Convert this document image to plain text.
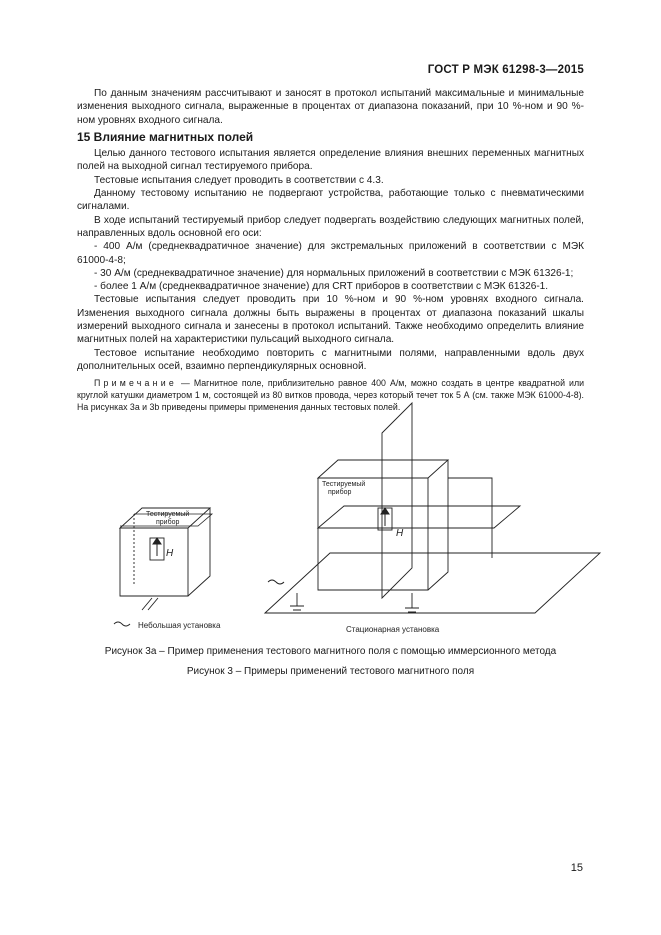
ГОСТ Р МЭК 61298-3—2015

По данным значениям рассчитывают и заносят в протокол испытаний максимальные и минимальные изменения выходного сигнала, выраженные в процентах от диапазона показаний, при 10 %-ном и 90 %-ном уровнях входного сигнала.

15 Влияние магнитных полей

Целью данного тестового испытания является определение влияния внешних переменных магнитных полей на выходной сигнал тестируемого прибора.

Тестовые испытания следует проводить в соответствии с 4.3.

Данному тестовому испытанию не подвергают устройства, работающие только с пневматическими сигналами.

В ходе испытаний тестируемый прибор следует подвергать воздействию следующих магнитных полей, направленных вдоль основной его оси:

- 400 А/м (среднеквадратичное значение) для экстремальных приложений в соответствии с МЭК 61000-4-8;

- 30 А/м (среднеквадратичное значение) для нормальных приложений в соответствии с МЭК 61326-1;

- более 1 А/м (среднеквадратичное значение) для CRT приборов в соответствии с МЭК 61326-1.

Тестовые испытания следует проводить при 10 %-ном и 90 %-ном уровнях входного сигнала. Изменения выходного сигнала должны быть выражены в процентах от диапазона показаний шкалы измерений выходного сигнала и занесены в протокол испытаний. Также необходимо определить влияние магнитных полей на характеристики пульсаций выходного сигнала.

Тестовое испытание необходимо повторить с магнитными полями, направленными вдоль двух дополнительных осей, взаимно перпендикулярных основной.

Примечание — Магнитное поле, приблизительно равное 400 А/м, можно создать в центре квадратной или круглой катушки диаметром 1 м, состоящей из 80 витков провода, через который течет ток 5 А (см. также МЭК 61000-4-8). На рисунках 3а и 3b приведены примеры применения данных тестовых полей.

Тестируемый
прибор
H
Тестируемый
прибор
H
Небольшая установка	Стационарная установка
Рисунок 3а – Пример применения тестового магнитного поля с помощью иммерсионного метода
Рисунок 3 – Примеры применений тестового магнитного поля
15
